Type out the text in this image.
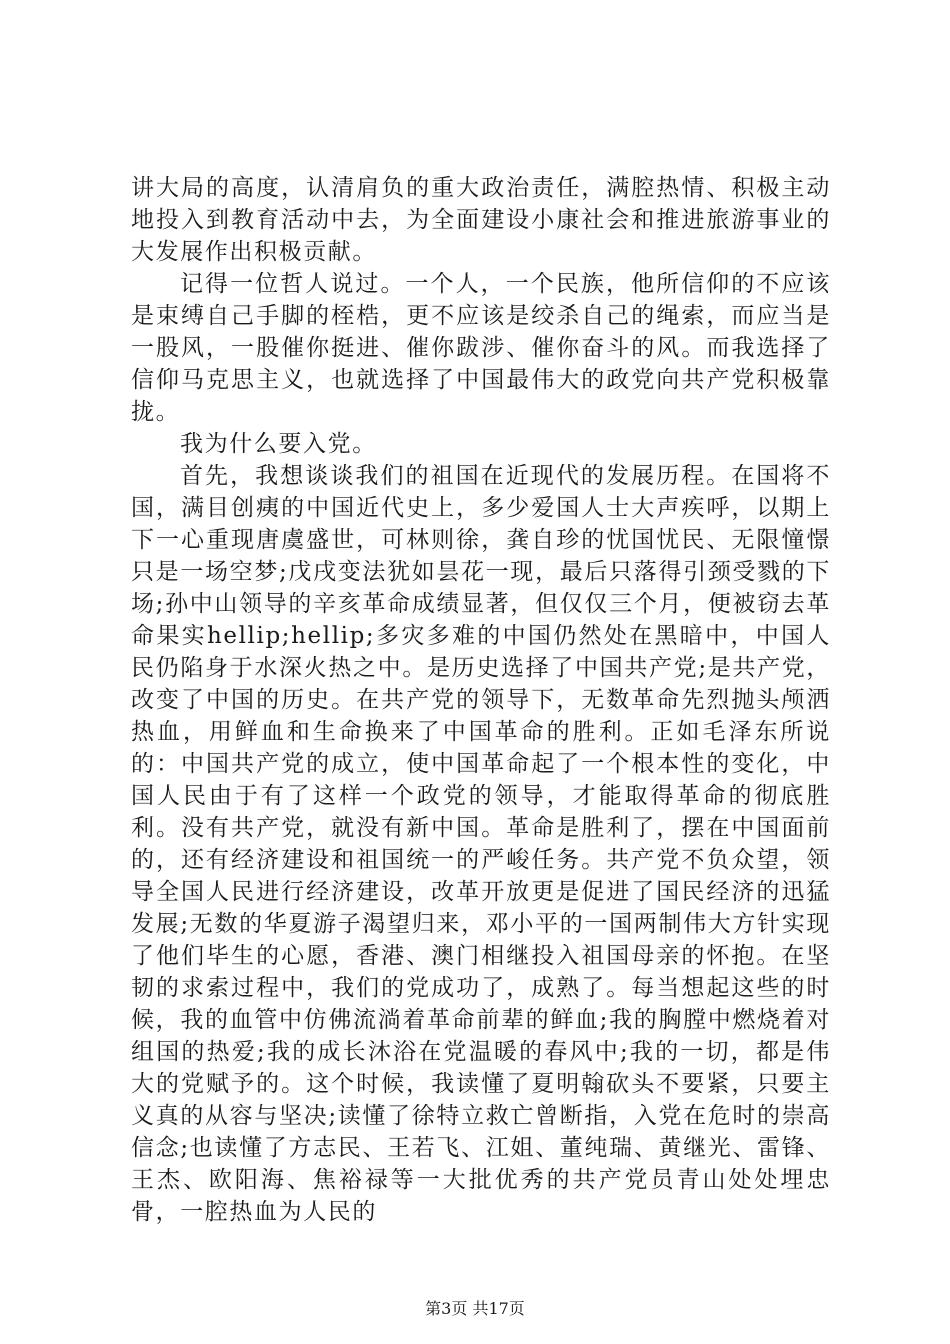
讲大局的高度，认清肩负的重大政治责任，满腔热情、积极主动地投入到教育活动中去，为全面建设小康社会和推进旅游事业的大发展作出积极贡献。

记得一位哲人说过。一个人，一个民族，他所信仰的不应该是束缚自己手脚的桎梏，更不应该是绞杀自己的绳索，而应当是一股风，一股催你挺进、催你跋涉、催你奋斗的风。而我选择了信仰马克思主义，也就选择了中国最伟大的政党向共产党积极靠拢。

我为什么要入党。

首先，我想谈谈我们的祖国在近现代的发展历程。在国将不国，满目创痍的中国近代史上，多少爱国人士大声疾呼，以期上下一心重现唐虞盛世，可林则徐，龚自珍的忧国忧民、无限憧憬只是一场空梦;戊戌变法犹如昙花一现，最后只落得引颈受戮的下场;孙中山领导的辛亥革命成绩显著，但仅仅三个月，便被窃去革命果实hellip;hellip;多灾多难的中国仍然处在黑暗中，中国人民仍陷身于水深火热之中。是历史选择了中国共产党;是共产党，改变了中国的历史。在共产党的领导下，无数革命先烈抛头颅洒热血，用鲜血和生命换来了中国革命的胜利。正如毛泽东所说的：中国共产党的成立，使中国革命起了一个根本性的变化，中国人民由于有了这样一个政党的领导，才能取得革命的彻底胜利。没有共产党，就没有新中国。革命是胜利了，摆在中国面前的，还有经济建设和祖国统一的严峻任务。共产党不负众望，领导全国人民进行经济建设，改革开放更是促进了国民经济的迅猛发展;无数的华夏游子渴望归来，邓小平的一国两制伟大方针实现了他们毕生的心愿，香港、澳门相继投入祖国母亲的怀抱。在坚韧的求索过程中，我们的党成功了，成熟了。每当想起这些的时候，我的血管中仿佛流淌着革命前辈的鲜血;我的胸膛中燃烧着对组国的热爱;我的成长沐浴在党温暖的春风中;我的一切，都是伟大的党赋予的。这个时候，我读懂了夏明翰砍头不要紧，只要主义真的从容与坚决;读懂了徐特立救亡曾断指，入党在危时的崇高信念;也读懂了方志民、王若飞、江姐、董纯瑞、黄继光、雷锋、王杰、欧阳海、焦裕禄等一大批优秀的共产党员青山处处埋忠骨，一腔热血为人民的

第3页 共17页
